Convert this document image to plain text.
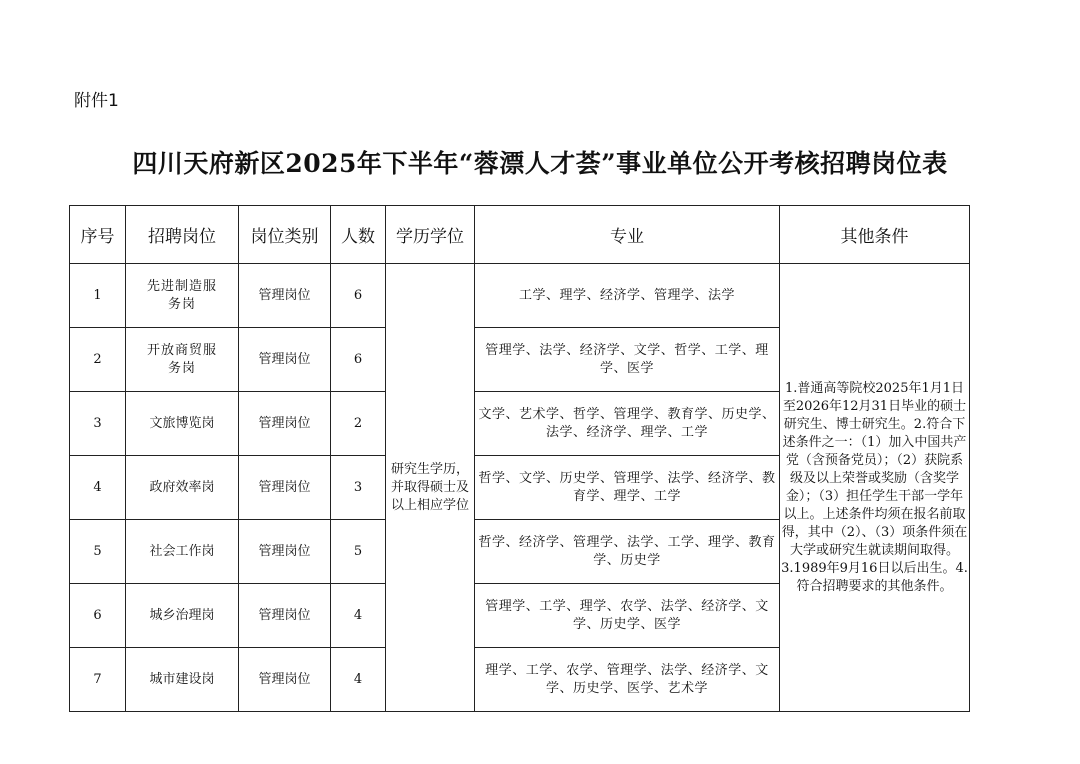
附件1
四川天府新区2025年下半年“蓉漂人才荟”事业单位公开考核招聘岗位表
序号	招聘岗位	岗位类别	人数	学历学位	专业	其他条件
1	先进制造服务岗	管理岗位	6	研究生学历，并取得硕士及以上相应学位	工学、理学、经济学、管理学、法学	1.普通高等院校2025年1月1日至2026年12月31日毕业的硕士研究生、博士研究生。2.符合下述条件之一：（1）加入中国共产党（含预备党员）；（2）获院系级及以上荣誉或奖励（含奖学金）；（3）担任学生干部一学年以上。上述条件均须在报名前取得，其中（2）、（3）项条件须在大学或研究生就读期间取得。3.1989年9月16日以后出生。4.符合招聘要求的其他条件。
2	开放商贸服务岗	管理岗位	6		管理学、法学、经济学、文学、哲学、工学、理学、医学	
3	文旅博览岗	管理岗位	2		文学、艺术学、哲学、管理学、教育学、历史学、法学、经济学、理学、工学	
4	政府效率岗	管理岗位	3		哲学、文学、历史学、管理学、法学、经济学、教育学、理学、工学	
5	社会工作岗	管理岗位	5		哲学、经济学、管理学、法学、工学、理学、教育学、历史学	
6	城乡治理岗	管理岗位	4		管理学、工学、理学、农学、法学、经济学、文学、历史学、医学	
7	城市建设岗	管理岗位	4		理学、工学、农学、管理学、法学、经济学、文学、历史学、医学、艺术学	
